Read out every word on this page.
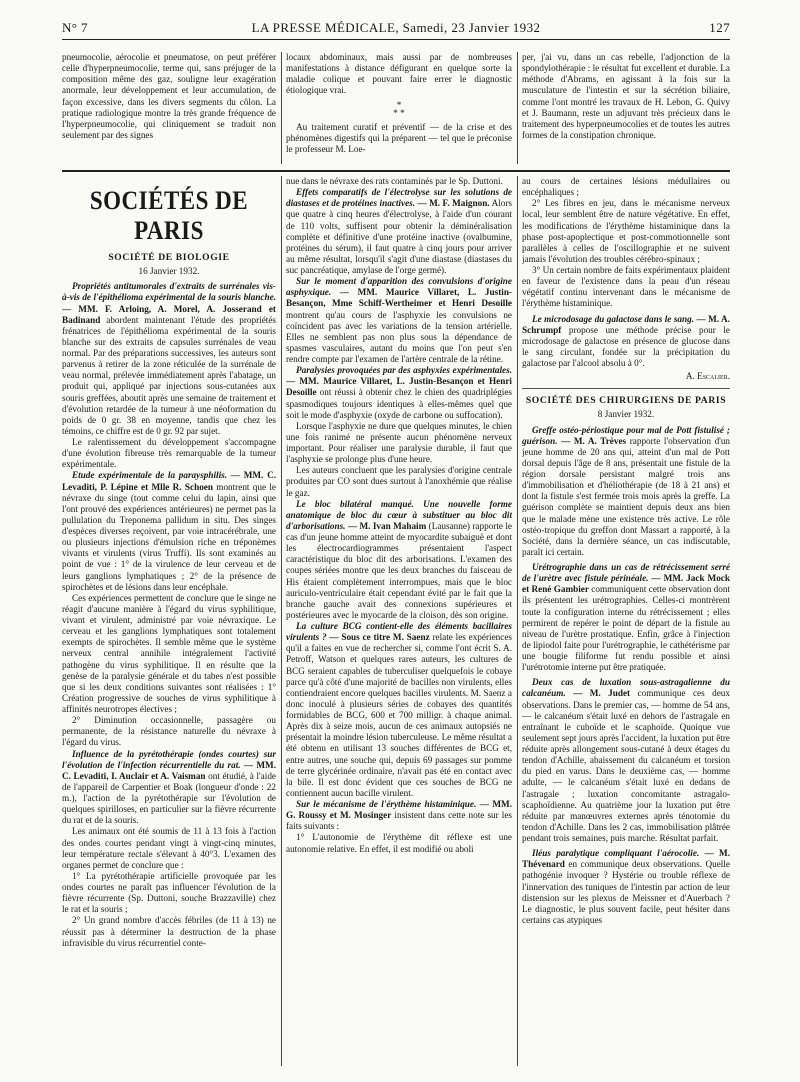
N° 7	LA PRESSE MÉDICALE, Samedi, 23 Janvier 1932	127

pneumocolie, aérocolie et pneumatose, on peut préférer celle d'hyperpneumocolie, terme qui, sans préjuger de la composition même des gaz, souligne leur exagération anormale, leur développement et leur accumulation, de façon excessive, dans les divers segments du côlon. La pratique radiologique montre la très grande fréquence de l'hyperpneumocolie, qui cliniquement se traduit non seulement par des signes

locaux abdominaux, mais aussi par de nombreuses manifestations à distance défigurant en quelque sorte la maladie colique et pouvant faire errer le diagnostic étiologique vrai.

*

* *

Au traitement curatif et préventif — de la crise et des phénomènes digestifs qui la préparent — tel que le préconise le professeur M. Loe-

per, j'ai vu, dans un cas rebelle, l'adjonction de la spondylothérapie : le résultat fut excellent et durable. La méthode d'Abrams, en agissant à la fois sur la musculature de l'intestin et sur la sécrétion biliaire, comme l'ont montré les travaux de H. Lebon, G. Quivy et J. Baumann, reste un adjuvant très précieux dans le traitement des hyperpneumocolies et de toutes les autres formes de la constipation chronique.

SOCIÉTÉS DE PARIS
SOCIÉTÉ DE BIOLOGIE
16 Janvier 1932.

Propriétés antitumorales d'extraits de surrénales vis-à-vis de l'épithélioma expérimental de la souris blanche. — MM. F. Arloing, A. Morel, A. Josserand et Badinand abordent maintenant l'étude des propriétés frénatrices de l'épithélioma expérimental de la souris blanche sur des extraits de capsules surrénales de veau normal. Par des préparations successives, les auteurs sont parvenus à retirer de la zone réticulée de la surrénale de veau normal, prélevée immédiatement après l'abatage, un produit qui, appliqué par injections sous-cutanées aux souris greffées, aboutit après une semaine de traitement et d'évolution retardée de la tumeur à une néoformation du poids de 0 gr. 38 en moyenne, tandis que chez les témoins, ce chiffre est de 0 gr. 92 par sujet.

Le ralentissement du développement s'accompagne d'une évolution fibreuse très remarquable de la tumeur expérimentale.

Etude expérimentale de la paraysphilis. — MM. C. Levaditi, P. Lépine et Mlle R. Schoen montrent que le névraxe du singe (tout comme celui du lapin, ainsi que l'ont prouvé des expériences antérieures) ne permet pas la pullulation du Treponema pallidum in situ. Des singes d'espèces diverses reçoivent, par voie intracérébrale, une ou plusieurs injections d'émulsion riche en tréponèmes vivants et virulents (virus Truffi). Ils sont examinés au point de vue : 1° de la virulence de leur cerveau et de leurs ganglions lymphatiques ; 2° de la présence de spirochètes et de lésions dans leur encéphale.

Ces expériences permettent de conclure que le singe ne réagit d'aucune manière à l'égard du virus syphilitique, vivant et virulent, administré par voie névraxique. Le cerveau et les ganglions lymphatiques sont totalement exempts de spirochètes. Il semble même que le système nerveux central annihile intégralement l'activité pathogène du virus syphilitique. Il en résulte que la genèse de la paralysie générale et du tabes n'est possible que si les deux conditions suivantes sont réalisées : 1° Création progressive de souches de virus syphilitique à affinités neurotropes électives ;

2° Diminution occasionnelle, passagère ou permanente, de la résistance naturelle du névraxe à l'égard du virus.

Influence de la pyrétothérapie (ondes courtes) sur l'évolution de l'infection récurrentielle du rat. — MM. C. Levaditi, I. Auclair et A. Vaisman ont étudié, à l'aide de l'appareil de Carpentier et Boak (longueur d'onde : 22 m.), l'action de la pyrétothérapie sur l'évolution de quelques spirilloses, en particulier sur la fièvre récurrente du rat et de la souris.

Les animaux ont été soumis de 11 à 13 fois à l'action des ondes courtes pendant vingt à vingt-cinq minutes, leur température rectale s'élevant à 40°3. L'examen des organes permet de conclure que :

1° La pyrétothérapie artificielle provoquée par les ondes courtes ne paraît pas influencer l'évolution de la fièvre récurrente (Sp. Duttoni, souche Brazzaville) chez le rat et la souris ;

2° Un grand nombre d'accès fébriles (de 11 à 13) ne réussit pas à déterminer la destruction de la phase infravisible du virus récurrentiel conte-

nue dans le névraxe des rats contaminés par le Sp. Duttoni.

Effets comparatifs de l'électrolyse sur les solutions de diastases et de protéines inactives. — M. F. Maignon. Alors que quatre à cinq heures d'électrolyse, à l'aide d'un courant de 110 volts, suffisent pour obtenir la déminéralisation complète et définitive d'une protéine inactive (ovalbumine, protéines du sérum), il faut quatre à cinq jours pour arriver au même résultat, lorsqu'il s'agit d'une diastase (diastases du suc pancréatique, amylase de l'orge germé).

Sur le moment d'apparition des convulsions d'origine asphyxique. — MM. Maurice Villaret, L. Justin-Besançon, Mme Schiff-Wertheimer et Henri Desoille montrent qu'au cours de l'asphyxie les convulsions ne coïncident pas avec les variations de la tension artérielle. Elles ne semblent pas non plus sous la dépendance de spasmes vasculaires, autant du moins que l'on peut s'en rendre compte par l'examen de l'artère centrale de la rétine.

Paralysies provoquées par des asphyxies expérimentales. — MM. Maurice Villaret, L. Justin-Besançon et Henri Desoille ont réussi à obtenir chez le chien des quadriplégies spasmodiques toujours identiques à elles-mêmes quel que soit le mode d'asphyxie (oxyde de carbone ou suffocation).

Lorsque l'asphyxie ne dure que quelques minutes, le chien une fois ranimé ne présente aucun phénomène nerveux important. Pour réaliser une paralysie durable, il faut que l'asphyxie se prolonge plus d'une heure.

Les auteurs concluent que les paralysies d'origine centrale produites par CO sont dues surtout à l'anoxhémie que réalise le gaz.

Le bloc bilatéral manqué. Une nouvelle forme anatomique de bloc du cœur à substituer au bloc dit d'arborisations. — M. Ivan Mahaim (Lausanne) rapporte le cas d'un jeune homme atteint de myocardite subaiguë et dont les électrocardiogrammes présentaient l'aspect caractéristique du bloc dit des arborisations. L'examen des coupes sériées montre que les deux branches du faisceau de His étaient complètement interrompues, mais que le bloc auriculo-ventriculaire était cependant évité par le fait que la branche gauche avait des connexions supérieures et postérieures avec le myocarde de la cloison, dès son origine.

La culture BCG contient-elle des éléments bacillaires virulents ? — Sous ce titre M. Saenz relate les expériences qu'il a faites en vue de rechercher si, comme l'ont écrit S. A. Petroff, Watson et quelques rares auteurs, les cultures de BCG seraient capables de tuberculiser quelquefois le cobaye parce qu'à côté d'une majorité de bacilles non virulents, elles contiendraient encore quelques bacilles virulents. M. Saenz a donc inoculé à plusieurs séries de cobayes des quantités formidables de BCG, 600 et 700 milligr. à chaque animal. Après dix à seize mois, aucun de ces animaux autopsiés ne présentait la moindre lésion tuberculeuse. Le même résultat a été obtenu en utilisant 13 souches différentes de BCG et, entre autres, une souche qui, depuis 69 passages sur pomme de terre glycérinée ordinaire, n'avait pas été en contact avec la bile. Il est donc évident que ces souches de BCG ne contiennent aucun bacille virulent.

Sur le mécanisme de l'érythème histaminique. — MM. G. Roussy et M. Mosinger insistent dans cette note sur les faits suivants :

1° L'autonomie de l'érythème dit réflexe est une autonomie relative. En effet, il est modifié ou aboli

au cours de certaines lésions médullaires ou encéphaliques ;

2° Les fibres en jeu, dans le mécanisme nerveux local, leur semblent être de nature végétative. En effet, les modifications de l'érythème histaminique dans la phase post-apoplectique et post-commotionnelle sont parallèles à celles de l'oscillographie et ne suivent jamais l'évolution des troubles cérébro-spinaux ;

3° Un certain nombre de faits expérimentaux plaident en faveur de l'existence dans la peau d'un réseau végétatif continu intervenant dans le mécanisme de l'érythème histaminique.

Le microdosage du galactose dans le sang. — M. A. Schrumpf propose une méthode précise pour le microdosage de galactose en présence de glucose dans le sang circulant, fondée sur la précipitation du galactose par l'alcool absolu à 0°.

A. Escalier.

SOCIÉTÉ DES CHIRURGIENS DE PARIS
8 Janvier 1932.

Greffe ostéo-périostique pour mal de Pott fistulisé ; guérison. — M. A. Trèves rapporte l'observation d'un jeune homme de 20 ans qui, atteint d'un mal de Pott dorsal depuis l'âge de 8 ans, présentait une fistule de la région dorsale persistant malgré trois ans d'immobilisation et d'héliothérapie (de 18 à 21 ans) et dont la fistule s'est fermée trois mois après la greffe. La guérison complète se maintient depuis deux ans bien que le malade mène une existence très active. Le rôle ostéo-tropique du greffon dont Massart a rapporté, à la Société, dans la dernière séance, un cas indiscutable, paraît ici certain.

Urétrographie dans un cas de rétrécissement serré de l'urètre avec fistule périnéale. — MM. Jack Mock et René Gambier communiquent cette observation dont ils présentent les urétrographies. Celles-ci montrèrent toute la configuration interne du rétrécissement ; elles permirent de repérer le point de départ de la fistule au niveau de l'urètre prostatique. Enfin, grâce à l'injection de lipiodol faite pour l'urétrographie, le cathétérisme par une bougie filiforme fut rendu possible et ainsi l'urétrotomie interne put être pratiquée.

Deux cas de luxation sous-astragalienne du calcanéum. — M. Judet communique ces deux observations. Dans le premier cas, — homme de 54 ans, — le calcanéum s'était luxé en dehors de l'astragale en entraînant le cuboïde et le scaphoïde. Quoique vue seulement sept jours après l'accident, la luxation put être réduite après allongement sous-cutané à deux étages du tendon d'Achille, abaissement du calcanéum et torsion du pied en varus. Dans le deuxième cas, — homme adulte, — le calcanéum s'était luxé en dedans de l'astragale ; luxation concomitante astragalo-scaphoïdienne. Au quatrième jour la luxation put être réduite par manœuvres externes après ténotomie du tendon d'Achille. Dans les 2 cas, immobilisation plâtrée pendant trois semaines, puis marche. Résultat parfait.

Iléus paralytique compliquant l'aérocolie. — M. Thévenard en communique deux observations. Quelle pathogénie invoquer ? Hystérie ou trouble réflexe de l'innervation des tuniques de l'intestin par action de leur distension sur les plexus de Meissner et d'Auerbach ? Le diagnostic, le plus souvent facile, peut hésiter dans certains cas atypiques
